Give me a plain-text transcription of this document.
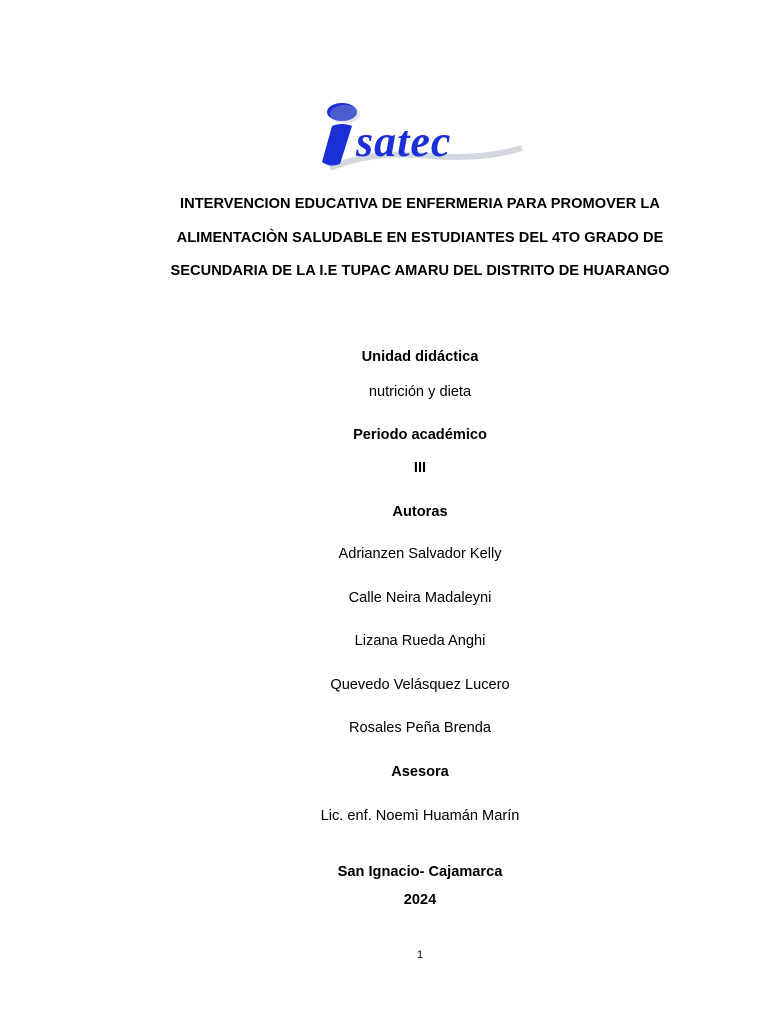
satec
INTERVENCION EDUCATIVA DE ENFERMERIA PARA PROMOVER LA
ALIMENTACIÒN SALUDABLE EN ESTUDIANTES DEL 4TO GRADO DE
SECUNDARIA DE LA I.E TUPAC AMARU DEL DISTRITO DE HUARANGO
Unidad didáctica
nutrición y dieta
Periodo académico
III
Autoras
Adrianzen Salvador Kelly
Calle Neira Madaleyni
Lizana Rueda Anghi
Quevedo Velásquez Lucero
Rosales Peña Brenda
Asesora
Lic. enf. Noemì Huamán Marín
San Ignacio- Cajamarca
2024
1
